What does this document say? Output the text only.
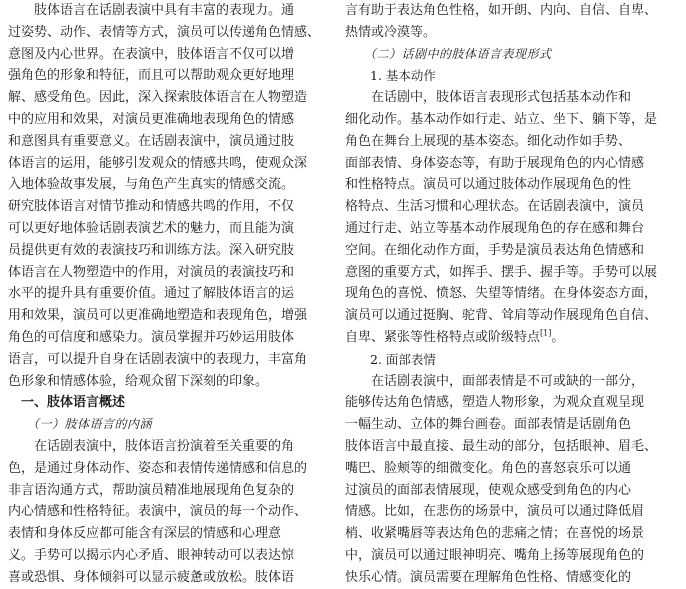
　　肢体语言在话剧表演中具有丰富的表现力。通
过姿势、动作、表情等方式，演员可以传递角色情感、
意图及内心世界。在表演中，肢体语言不仅可以增
强角色的形象和特征，而且可以帮助观众更好地理
解、感受角色。因此，深入探索肢体语言在人物塑造
中的应用和效果，对演员更准确地表现角色的情感
和意图具有重要意义。在话剧表演中，演员通过肢
体语言的运用，能够引发观众的情感共鸣，使观众深
入地体验故事发展，与角色产生真实的情感交流。
研究肢体语言对情节推动和情感共鸣的作用，不仅
可以更好地体验话剧表演艺术的魅力，而且能为演
员提供更有效的表演技巧和训练方法。深入研究肢
体语言在人物塑造中的作用，对演员的表演技巧和
水平的提升具有重要价值。通过了解肢体语言的运
用和效果，演员可以更准确地塑造和表现角色，增强
角色的可信度和感染力。演员掌握并巧妙运用肢体
语言，可以提升自身在话剧表演中的表现力，丰富角
色形象和情感体验，给观众留下深刻的印象。
　一、肢体语言概述
　　（一）肢体语言的内涵
　　在话剧表演中，肢体语言扮演着至关重要的角
色，是通过身体动作、姿态和表情传递情感和信息的
非言语沟通方式，帮助演员精准地展现角色复杂的
内心情感和性格特征。表演中，演员的每一个动作、
表情和身体反应都可能含有深层的情感和心理意
义。手势可以揭示内心矛盾、眼神转动可以表达惊
喜或恐惧、身体倾斜可以显示疲惫或放松。肢体语
言有助于表达角色性格，如开朗、内向、自信、自卑、
热情或冷漠等。
　　（二）话剧中的肢体语言表现形式
　　1. 基本动作
　　在话剧中，肢体语言表现形式包括基本动作和
细化动作。基本动作如行走、站立、坐下、躺下等，是
角色在舞台上展现的基本姿态。细化动作如手势、
面部表情、身体姿态等，有助于展现角色的内心情感
和性格特点。演员可以通过肢体动作展现角色的性
格特点、生活习惯和心理状态。在话剧表演中，演员
通过行走、站立等基本动作展现角色的存在感和舞台
空间。在细化动作方面，手势是演员表达角色情感和
意图的重要方式，如挥手、摆手、握手等。手势可以展
现角色的喜悦、愤怒、失望等情绪。在身体姿态方面，
演员可以通过挺胸、驼背、耸肩等动作展现角色自信、
自卑、紧张等性格特点或阶级特点[1]。
　　2. 面部表情
　　在话剧表演中，面部表情是不可或缺的一部分，
能够传达角色情感，塑造人物形象，为观众直观呈现
一幅生动、立体的舞台画卷。面部表情是话剧角色
肢体语言中最直接、最生动的部分，包括眼神、眉毛、
嘴巴、脸颊等的细微变化。角色的喜怒哀乐可以通
过演员的面部表情展现，使观众感受到角色的内心
情感。比如，在悲伤的场景中，演员可以通过降低眉
梢、收紧嘴唇等表达角色的悲痛之情；在喜悦的场景
中，演员可以通过眼神明亮、嘴角上扬等展现角色的
快乐心情。演员需要在理解角色性格、情感变化的
